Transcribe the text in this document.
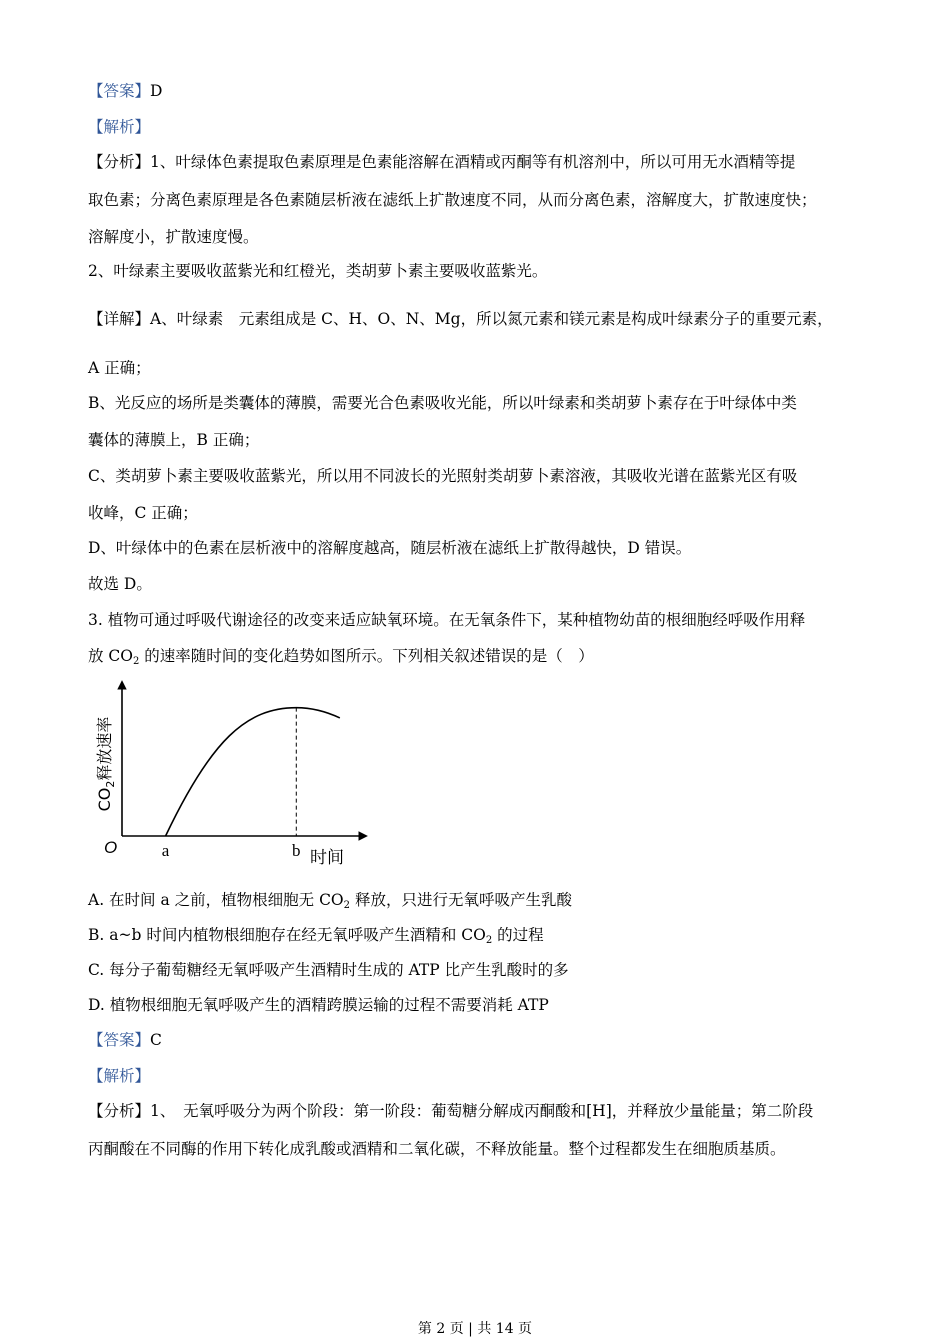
【答案】D
【解析】
【分析】1、叶绿体色素提取色素原理是色素能溶解在酒精或丙酮等有机溶剂中，所以可用无水酒精等提
取色素；分离色素原理是各色素随层析液在滤纸上扩散速度不同，从而分离色素，溶解度大，扩散速度快；
溶解度小，扩散速度慢。
2、叶绿素主要吸收蓝紫光和红橙光，类胡萝卜素主要吸收蓝紫光。
【详解】A、叶绿素　元素组成是 C、H、O、N、Mg，所以氮元素和镁元素是构成叶绿素分子的重要元素，
A 正确；
B、光反应的场所是类囊体的薄膜，需要光合色素吸收光能，所以叶绿素和类胡萝卜素存在于叶绿体中类
囊体的薄膜上，B 正确；
C、类胡萝卜素主要吸收蓝紫光，所以用不同波长的光照射类胡萝卜素溶液，其吸收光谱在蓝紫光区有吸
收峰，C 正确；
D、叶绿体中的色素在层析液中的溶解度越高，随层析液在滤纸上扩散得越快，D 错误。
故选 D。
3. 植物可通过呼吸代谢途径的改变来适应缺氧环境。在无氧条件下，某种植物幼苗的根细胞经呼吸作用释
放 $CO_2$ 的速率随时间的变化趋势如图所示。下列相关叙述错误的是（　）
O	a	b 时间
$CO_2$释放速率
A. 在时间 a 之前，植物根细胞无 $CO_2$ 释放，只进行无氧呼吸产生乳酸
B. a~b 时间内植物根细胞存在经无氧呼吸产生酒精和 $CO_2$ 的过程
C. 每分子葡萄糖经无氧呼吸产生酒精时生成的 ATP 比产生乳酸时的多
D. 植物根细胞无氧呼吸产生的酒精跨膜运输的过程不需要消耗 ATP
【答案】C
【解析】
【分析】1、　无氧呼吸分为两个阶段：第一阶段：葡萄糖分解成丙酮酸和[H]，并释放少量能量；第二阶段
丙酮酸在不同酶的作用下转化成乳酸或酒精和二氧化碳，不释放能量。整个过程都发生在细胞质基质。
第 2 页 | 共 14 页
